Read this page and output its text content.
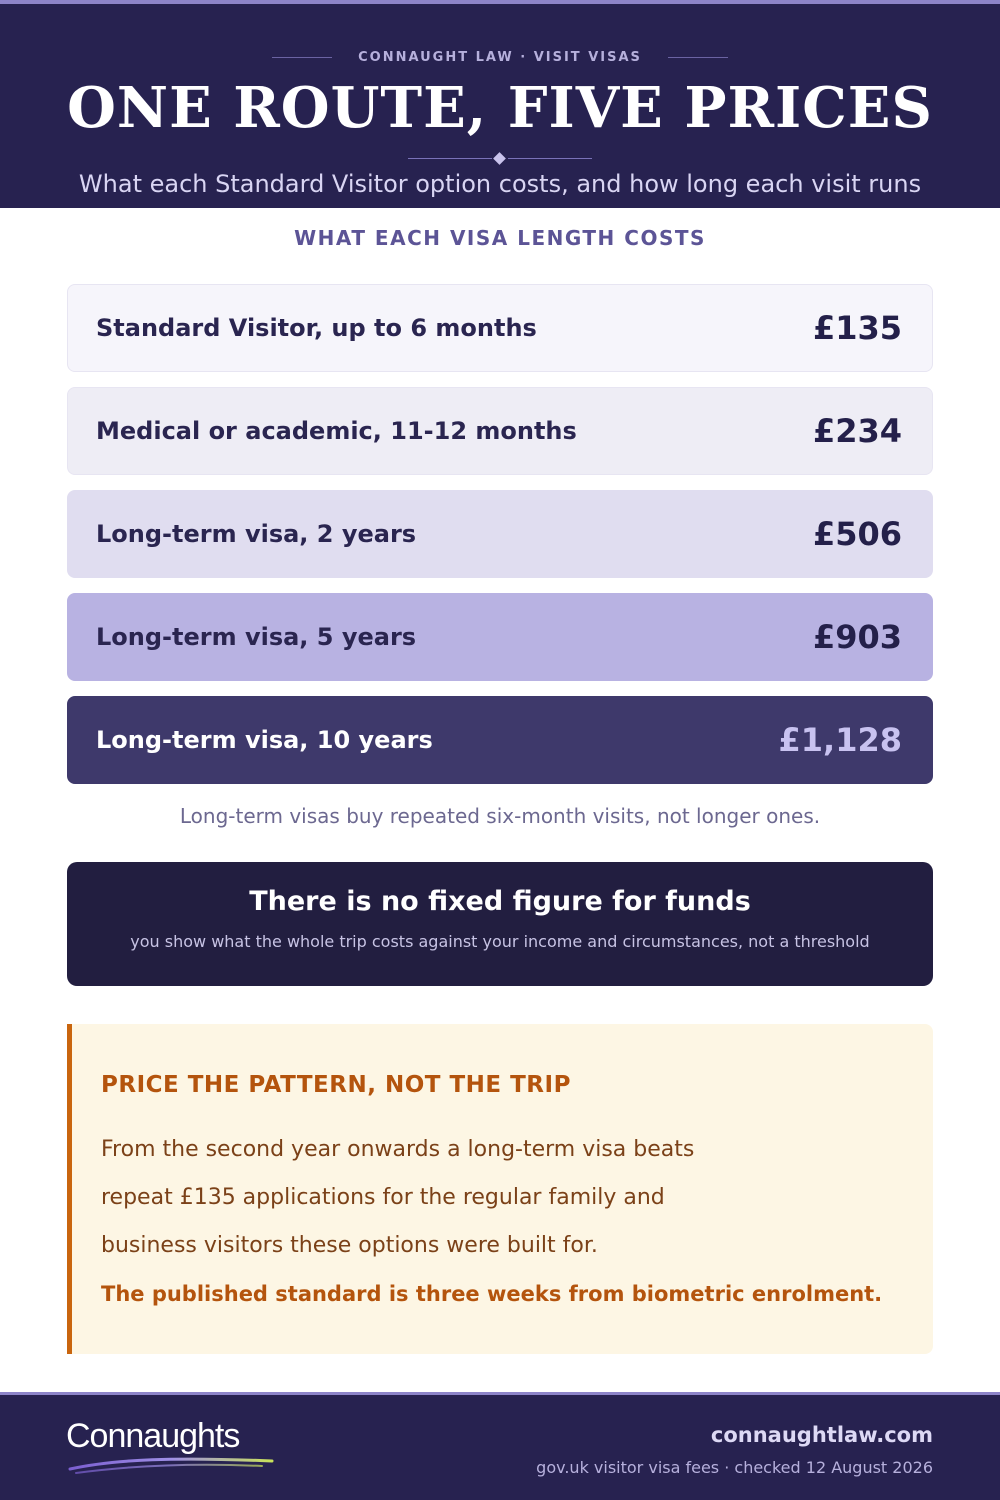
CONNAUGHT LAW · VISIT VISAS
ONE ROUTE, FIVE PRICES

What each Standard Visitor option costs, and how long each visit runs

WHAT EACH VISA LENGTH COSTS
Standard Visitor, up to 6 months	£135
Medical or academic, 11-12 months	£234
Long-term visa, 2 years	£506
Long-term visa, 5 years	£903
Long-term visa, 10 years	£1,128

Long-term visas buy repeated six-month visits, not longer ones.

There is no fixed figure for funds
you show what the whole trip costs against your income and circumstances, not a threshold
PRICE THE PATTERN, NOT THE TRIP

From the second year onwards a long-term visa beats repeat £135 applications for the regular family and business visitors these options were built for.

The published standard is three weeks from biometric enrolment.
Connaughts	connaughtlaw.com
gov.uk visitor visa fees · checked 12 August 2026
